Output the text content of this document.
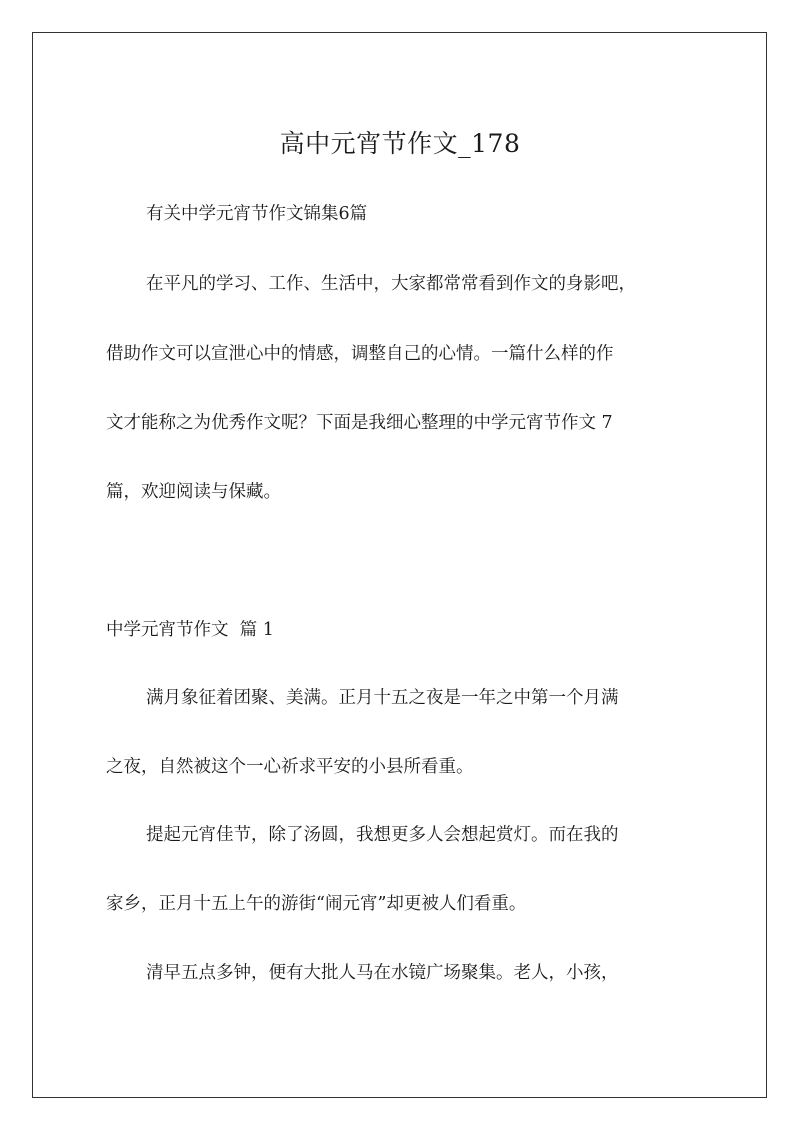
高中元宵节作文_178

有关中学元宵节作文锦集6篇

在平凡的学习、工作、生活中，大家都常常看到作文的身影吧，

借助作文可以宣泄心中的情感，调整自己的心情。一篇什么样的作

文才能称之为优秀作文呢？下面是我细心整理的中学元宵节作文 7

篇，欢迎阅读与保藏。

中学元宵节作文  篇 1

满月象征着团聚、美满。正月十五之夜是一年之中第一个月满

之夜，自然被这个一心祈求平安的小县所看重。

提起元宵佳节，除了汤圆，我想更多人会想起赏灯。而在我的

家乡，正月十五上午的游街“闹元宵”却更被人们看重。

清早五点多钟，便有大批人马在水镜广场聚集。老人，小孩，
